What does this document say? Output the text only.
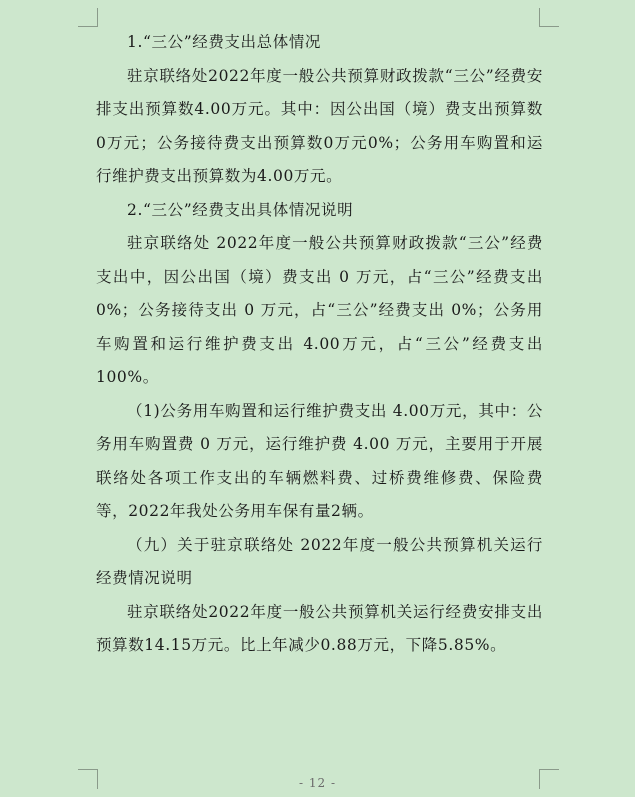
1.“三公”经费支出总体情况

驻京联络处2022年度一般公共预算财政拨款“三公”经费安排支出预算数4.00万元。其中：因公出国（境）费支出预算数0万元；公务接待费支出预算数0万元0%；公务用车购置和运行维护费支出预算数为4.00万元。

2.“三公”经费支出具体情况说明

驻京联络处 2022年度一般公共预算财政拨款“三公”经费支出中，因公出国（境）费支出 0 万元，占“三公”经费支出 0%；公务接待支出 0 万元，占“三公”经费支出 0%；公务用车购置和运行维护费支出 4.00万元，占“三公”经费支出100%。

（1)公务用车购置和运行维护费支出 4.00万元，其中：公务用车购置费 0 万元，运行维护费 4.00 万元，主要用于开展联络处各项工作支出的车辆燃料费、过桥费维修费、保险费等，2022年我处公务用车保有量2辆。

（九）关于驻京联络处 2022年度一般公共预算机关运行经费情况说明

驻京联络处2022年度一般公共预算机关运行经费安排支出预算数14.15万元。比上年减少0.88万元，下降5.85%。

- 12 -
